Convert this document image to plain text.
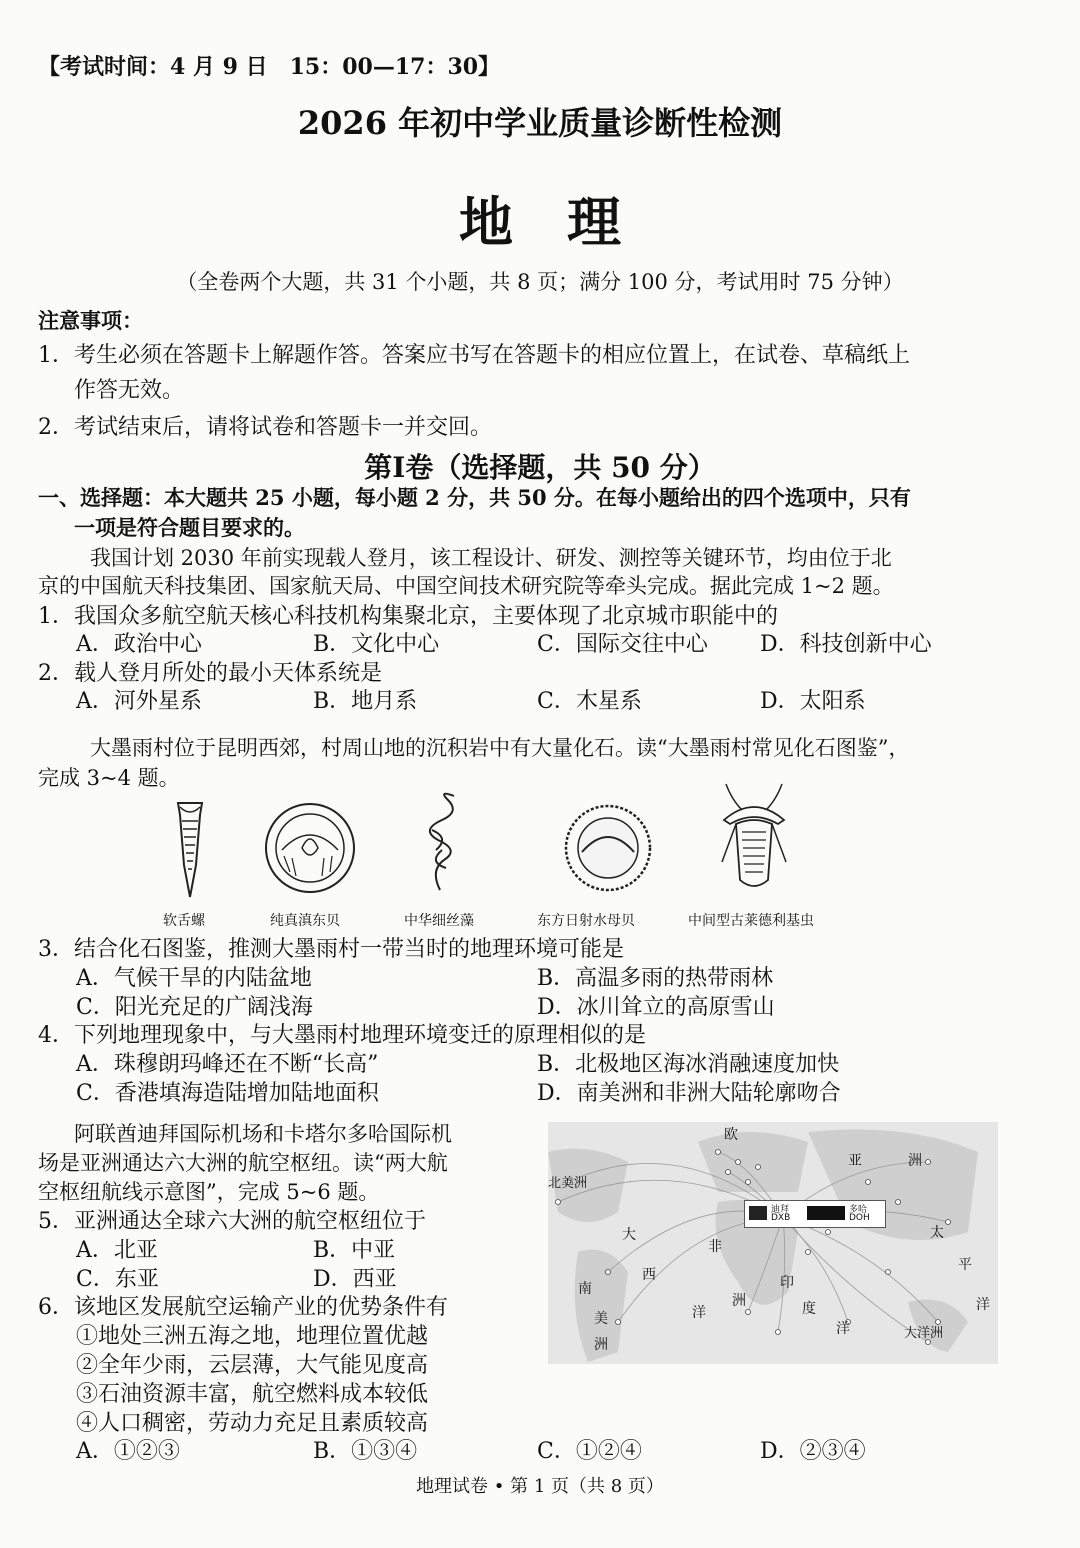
【考试时间：4 月 9 日　15：00—17：30】
2026 年初中学业质量诊断性检测
地　理
（全卷两个大题，共 31 个小题，共 8 页；满分 100 分，考试用时 75 分钟）
注意事项：
1．考生必须在答题卡上解题作答。答案应书写在答题卡的相应位置上，在试卷、草稿纸上
作答无效。
2．考试结束后，请将试卷和答题卡一并交回。
第Ⅰ卷（选择题，共 50 分）
一、选择题：本大题共 25 小题，每小题 2 分，共 50 分。在每小题给出的四个选项中，只有
一项是符合题目要求的。
我国计划 2030 年前实现载人登月，该工程设计、研发、测控等关键环节，均由位于北
京的中国航天科技集团、国家航天局、中国空间技术研究院等牵头完成。据此完成 1~2 题。
1．我国众多航空航天核心科技机构集聚北京，主要体现了北京城市职能中的
A．政治中心	B．文化中心	C．国际交往中心 D．科技创新中心
2．载人登月所处的最小天体系统是
A．河外星系	B．地月系	C．木星系	D．太阳系
大墨雨村位于昆明西郊，村周山地的沉积岩中有大量化石。读“大墨雨村常见化石图鉴”，
完成 3~4 题。
软舌螺	纯真滇东贝	中华细丝藻	东方日射水母贝	中间型古莱德利基虫
3．结合化石图鉴，推测大墨雨村一带当时的地理环境可能是
A．气候干旱的内陆盆地	B．高温多雨的热带雨林
C．阳光充足的广阔浅海	D．冰川耸立的高原雪山
4．下列地理现象中，与大墨雨村地理环境变迁的原理相似的是
A．珠穆朗玛峰还在不断“长高”	B．北极地区海冰消融速度加快
C．香港填海造陆增加陆地面积	D．南美洲和非洲大陆轮廓吻合
阿联酋迪拜国际机场和卡塔尔多哈国际机
场是亚洲通达六大洲的航空枢纽。读“两大航
空枢纽航线示意图”，完成 5~6 题。
迪拜
DXB
多哈
DOH
欧
亚	洲
北美洲
大
西
洋
非
洲
南
美
洲
印
度
洋
太
平
洋
大洋洲
5．亚洲通达全球六大洲的航空枢纽位于
A．北亚	B．中亚
C．东亚	D．西亚
6．该地区发展航空运输产业的优势条件有
①地处三洲五海之地，地理位置优越
②全年少雨，云层薄，大气能见度高
③石油资源丰富，航空燃料成本较低
④人口稠密，劳动力充足且素质较高
A．①②③	B．①③④	C．①②④	D．②③④
地理试卷 • 第 1 页（共 8 页）
